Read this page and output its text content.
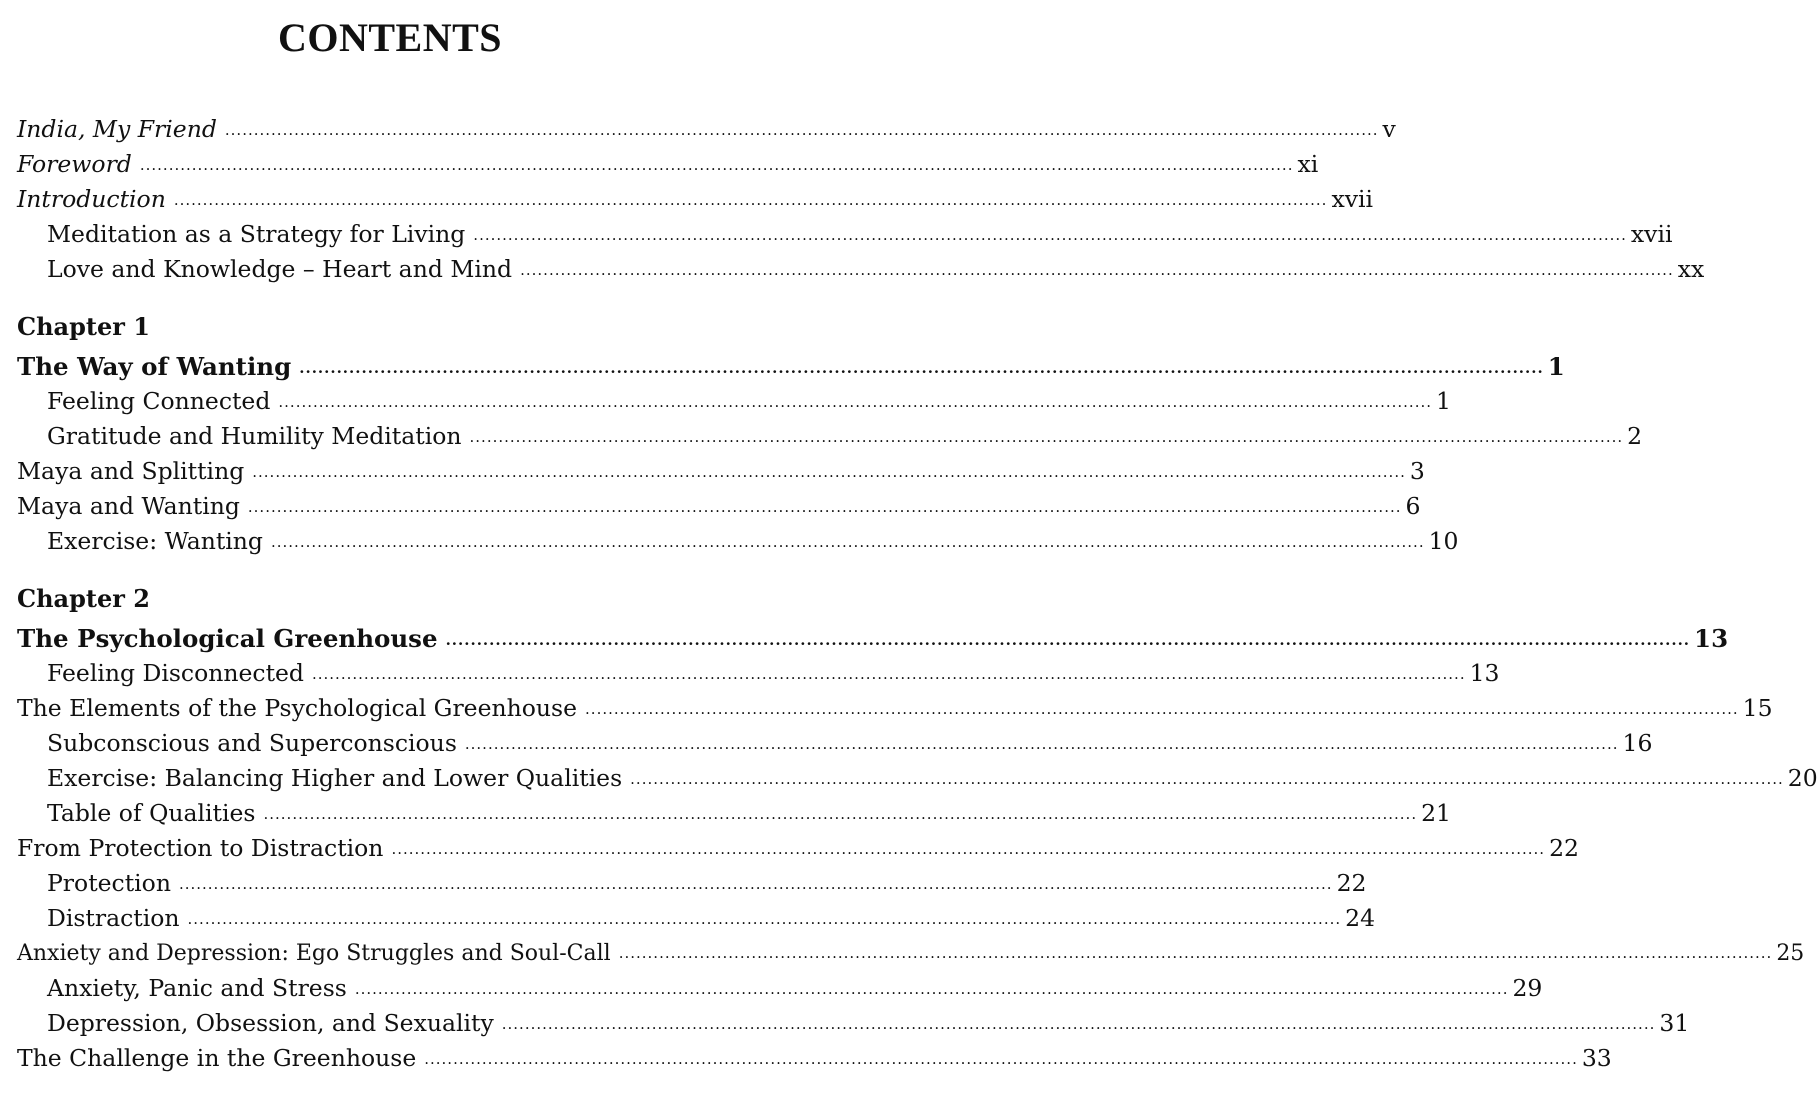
CONTENTS
India, My Friend ........................................................................................................................................................................................................ v
Foreword ........................................................................................................................................................................................................ xi
Introduction ........................................................................................................................................................................................................ xvii
Meditation as a Strategy for Living ........................................................................................................................................................................................................ xvii
Love and Knowledge – Heart and Mind ........................................................................................................................................................................................................ xx
Chapter 1
The Way of Wanting ........................................................................................................................................................................................................ 1
Feeling Connected ........................................................................................................................................................................................................ 1
Gratitude and Humility Meditation ........................................................................................................................................................................................................ 2
Maya and Splitting ........................................................................................................................................................................................................ 3
Maya and Wanting ........................................................................................................................................................................................................ 6
Exercise: Wanting ........................................................................................................................................................................................................ 10
Chapter 2
The Psychological Greenhouse ........................................................................................................................................................................................................ 13
Feeling Disconnected ........................................................................................................................................................................................................ 13
The Elements of the Psychological Greenhouse ........................................................................................................................................................................................................ 15
Subconscious and Superconscious ........................................................................................................................................................................................................ 16
Exercise: Balancing Higher and Lower Qualities ........................................................................................................................................................................................................ 20
Table of Qualities ........................................................................................................................................................................................................ 21
From Protection to Distraction ........................................................................................................................................................................................................ 22
Protection ........................................................................................................................................................................................................ 22
Distraction ........................................................................................................................................................................................................ 24
Anxiety and Depression: Ego Struggles and Soul-Call ........................................................................................................................................................................................................ 25
Anxiety, Panic and Stress ........................................................................................................................................................................................................ 29
Depression, Obsession, and Sexuality ........................................................................................................................................................................................................ 31
The Challenge in the Greenhouse ........................................................................................................................................................................................................ 33
